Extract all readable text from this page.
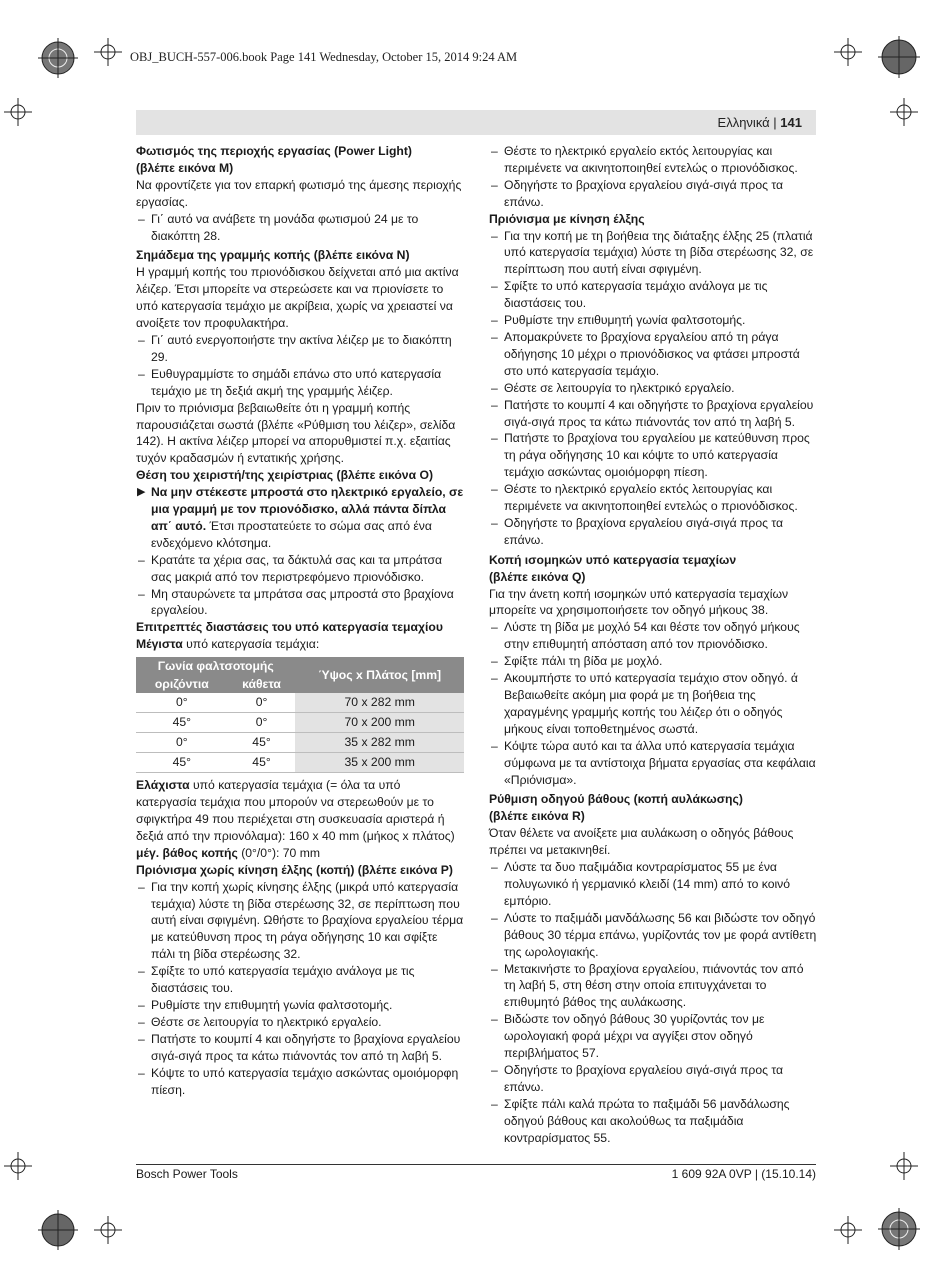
OBJ_BUCH-557-006.book Page 141 Wednesday, October 15, 2014 9:24 AM
Ελληνικά | 141

Φωτισμός της περιοχής εργασίας (Power Light)

(βλέπε εικόνα M)

Να φροντίζετε για τον επαρκή φωτισμό της άμεσης περιοχής εργασίας.

– Γι΄ αυτό να ανάβετε τη μονάδα φωτισμού 24 με το διακόπτη 28.

Σημάδεμα της γραμμής κοπής (βλέπε εικόνα N)

Η γραμμή κοπής του πριονόδισκου δείχνεται από μια ακτίνα λέιζερ. Έτσι μπορείτε να στερεώσετε και να πριονίσετε το υπό κατεργασία τεμάχιο με ακρίβεια, χωρίς να χρειαστεί να ανοίξετε τον προφυλακτήρα.

– Γι΄ αυτό ενεργοποιήστε την ακτίνα λέιζερ με το διακόπτη 29.

– Ευθυγραμμίστε το σημάδι επάνω στο υπό κατεργασία τεμάχιο με τη δεξιά ακμή της γραμμής λέιζερ.

Πριν το πριόνισμα βεβαιωθείτε ότι η γραμμή κοπής παρουσιάζεται σωστά (βλέπε «Ρύθμιση του λέιζερ», σελίδα 142). Η ακτίνα λέιζερ μπορεί να απορυθμιστεί π.χ. εξαιτίας τυχόν κραδασμών ή εντατικής χρήσης.

Θέση του χειριστή/της χειρίστριας (βλέπε εικόνα O)

▶ Να μην στέκεστε μπροστά στο ηλεκτρικό εργαλείο, σε μια γραμμή με τον πριονόδισκο, αλλά πάντα δίπλα απ΄ αυτό. Έτσι προστατεύετε το σώμα σας από ένα ενδεχόμενο κλότσημα.

– Κρατάτε τα χέρια σας, τα δάκτυλά σας και τα μπράτσα σας μακριά από τον περιστρεφόμενο πριονόδισκο.

– Μη σταυρώνετε τα μπράτσα σας μπροστά στο βραχίονα εργαλείου.

Επιτρεπτές διαστάσεις του υπό κατεργασία τεμαχίου

Μέγιστα υπό κατεργασία τεμάχια:

Γωνία φαλτσοτομής		Ύψος x Πλάτος [mm]
οριζόντια	κάθετα	
0°	0°	70 x 282 mm
45°	0°	70 x 200 mm
0°	45°	35 x 282 mm
45°	45°	35 x 200 mm

Ελάχιστα υπό κατεργασία τεμάχια (= όλα τα υπό κατεργασία τεμάχια που μπορούν να στερεωθούν με το σφιγκτήρα 49 που περιέχεται στη συσκευασία αριστερά ή δεξιά από την πριονόλαμα): 160 x 40 mm (μήκος x πλάτος)

μέγ. βάθος κοπής (0°/0°): 70 mm

Πριόνισμα χωρίς κίνηση έλξης (κοπή) (βλέπε εικόνα P)

– Για την κοπή χωρίς κίνησης έλξης (μικρά υπό κατεργασία τεμάχια) λύστε τη βίδα στερέωσης 32, σε περίπτωση που αυτή είναι σφιγμένη. Ωθήστε το βραχίονα εργαλείου τέρμα με κατεύθυνση προς τη ράγα οδήγησης 10 και σφίξτε πάλι τη βίδα στερέωσης 32.

– Σφίξτε το υπό κατεργασία τεμάχιο ανάλογα με τις διαστάσεις του.

– Ρυθμίστε την επιθυμητή γωνία φαλτσοτομής.

– Θέστε σε λειτουργία το ηλεκτρικό εργαλείο.

– Πατήστε το κουμπί 4 και οδηγήστε το βραχίονα εργαλείου σιγά-σιγά προς τα κάτω πιάνοντάς τον από τη λαβή 5.

– Κόψτε το υπό κατεργασία τεμάχιο ασκώντας ομοιόμορφη πίεση.

– Θέστε το ηλεκτρικό εργαλείο εκτός λειτουργίας και περιμένετε να ακινητοποιηθεί εντελώς ο πριονόδισκος.

– Οδηγήστε το βραχίονα εργαλείου σιγά-σιγά προς τα επάνω.

Πριόνισμα με κίνηση έλξης

– Για την κοπή με τη βοήθεια της διάταξης έλξης 25 (πλατιά υπό κατεργασία τεμάχια) λύστε τη βίδα στερέωσης 32, σε περίπτωση που αυτή είναι σφιγμένη.

– Σφίξτε το υπό κατεργασία τεμάχιο ανάλογα με τις διαστάσεις του.

– Ρυθμίστε την επιθυμητή γωνία φαλτσοτομής.

– Απομακρύνετε το βραχίονα εργαλείου από τη ράγα οδήγησης 10 μέχρι ο πριονόδισκος να φτάσει μπροστά στο υπό κατεργασία τεμάχιο.

– Θέστε σε λειτουργία το ηλεκτρικό εργαλείο.

– Πατήστε το κουμπί 4 και οδηγήστε το βραχίονα εργαλείου σιγά-σιγά προς τα κάτω πιάνοντάς τον από τη λαβή 5.

– Πατήστε το βραχίονα του εργαλείου με κατεύθυνση προς τη ράγα οδήγησης 10 και κόψτε το υπό κατεργασία τεμάχιο ασκώντας ομοιόμορφη πίεση.

– Θέστε το ηλεκτρικό εργαλείο εκτός λειτουργίας και περιμένετε να ακινητοποιηθεί εντελώς ο πριονόδισκος.

– Οδηγήστε το βραχίονα εργαλείου σιγά-σιγά προς τα επάνω.

Κοπή ισομηκών υπό κατεργασία τεμαχίων

(βλέπε εικόνα Q)

Για την άνετη κοπή ισομηκών υπό κατεργασία τεμαχίων μπορείτε να χρησιμοποιήσετε τον οδηγό μήκους 38.

– Λύστε τη βίδα με μοχλό 54 και θέστε τον οδηγό μήκους στην επιθυμητή απόσταση από τον πριονόδισκο.

– Σφίξτε πάλι τη βίδα με μοχλό.

– Ακουμπήστε το υπό κατεργασία τεμάχιο στον οδηγό. ά Βεβαιωθείτε ακόμη μια φορά με τη βοήθεια της χαραγμένης γραμμής κοπής του λέιζερ ότι ο οδηγός μήκους είναι τοποθετημένος σωστά.

– Κόψτε τώρα αυτό και τα άλλα υπό κατεργασία τεμάχια σύμφωνα με τα αντίστοιχα βήματα εργασίας στα κεφάλαια «Πριόνισμα».

Ρύθμιση οδηγού βάθους (κοπή αυλάκωσης)

(βλέπε εικόνα R)

Όταν θέλετε να ανοίξετε μια αυλάκωση ο οδηγός βάθους πρέπει να μετακινηθεί.

– Λύστε τα δυο παξιμάδια κοντραρίσματος 55 με ένα πολυγωνικό ή γερμανικό κλειδί (14 mm) από το κοινό εμπόριο.

– Λύστε το παξιμάδι μανδάλωσης 56 και βιδώστε τον οδηγό βάθους 30 τέρμα επάνω, γυρίζοντάς τον με φορά αντίθετη της ωρολογιακής.

– Μετακινήστε το βραχίονα εργαλείου, πιάνοντάς τον από τη λαβή 5, στη θέση στην οποία επιτυγχάνεται το επιθυμητό βάθος της αυλάκωσης.

– Βιδώστε τον οδηγό βάθους 30 γυρίζοντάς τον με ωρολογιακή φορά μέχρι να αγγίξει στον οδηγό περιβλήματος 57.

– Οδηγήστε το βραχίονα εργαλείου σιγά-σιγά προς τα επάνω.

– Σφίξτε πάλι καλά πρώτα το παξιμάδι 56 μανδάλωσης οδηγού βάθους και ακολούθως τα παξιμάδια κοντραρίσματος 55.

Bosch Power Tools	1 609 92A 0VP | (15.10.14)
